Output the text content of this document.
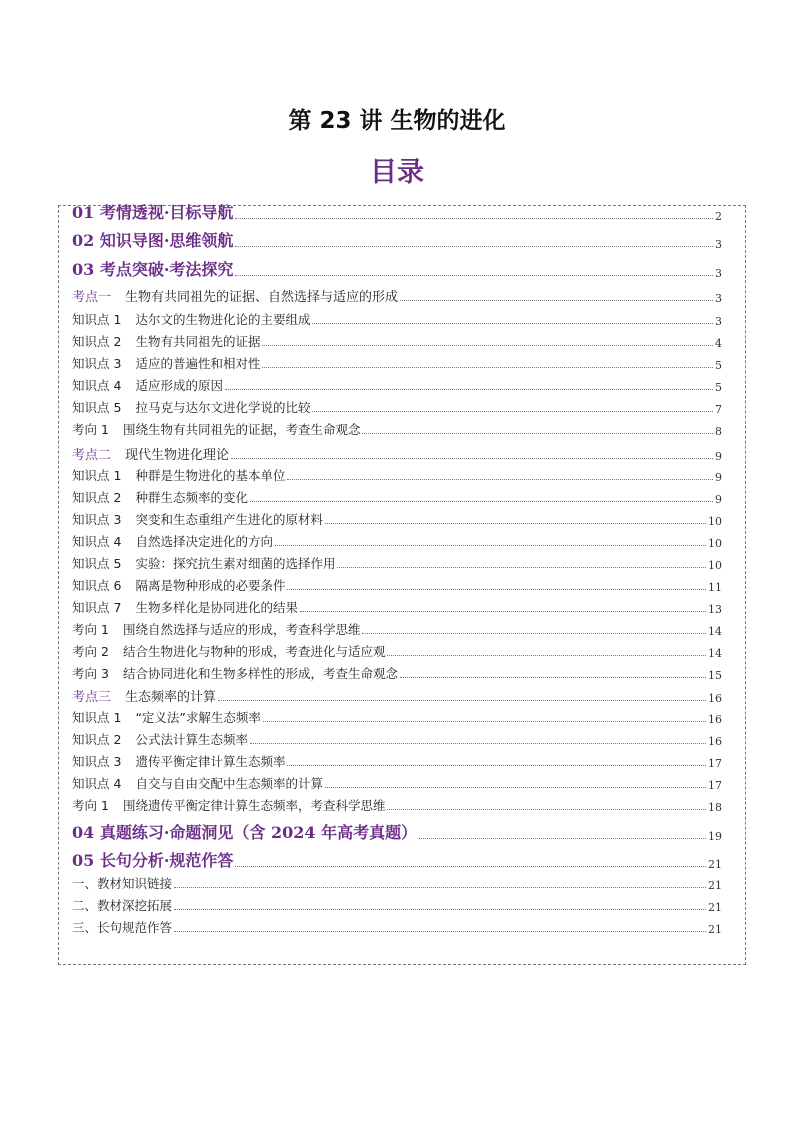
第 23 讲 生物的进化
目录
01 考情透视·目标导航	2
02 知识导图·思维领航	3
03 考点突破·考法探究	3
考点一 生物有共同祖先的证据、自然选择与适应的形成	3
知识点 1 达尔文的生物进化论的主要组成	3
知识点 2 生物有共同祖先的证据	4
知识点 3 适应的普遍性和相对性	5
知识点 4 适应形成的原因	5
知识点 5 拉马克与达尔文进化学说的比较	7
考向 1 围绕生物有共同祖先的证据，考查生命观念	8
考点二 现代生物进化理论	9
知识点 1 种群是生物进化的基本单位	9
知识点 2 种群生态频率的变化	9
知识点 3 突变和生态重组产生进化的原材料	10
知识点 4 自然选择决定进化的方向	10
知识点 5 实验：探究抗生素对细菌的选择作用	10
知识点 6 隔离是物种形成的必要条件	11
知识点 7 生物多样化是协同进化的结果	13
考向 1 围绕自然选择与适应的形成，考查科学思维	14
考向 2 结合生物进化与物种的形成，考查进化与适应观	14
考向 3 结合协同进化和生物多样性的形成，考查生命观念	15
考点三 生态频率的计算	16
知识点 1 “定义法”求解生态频率	16
知识点 2 公式法计算生态频率	16
知识点 3 遗传平衡定律计算生态频率	17
知识点 4 自交与自由交配中生态频率的计算	17
考向 1 围绕遗传平衡定律计算生态频率，考查科学思维	18
04 真题练习·命题洞见（含 2024 年高考真题）	19
05 长句分析·规范作答	21
一、教材知识链接	21
二、教材深挖拓展	21
三、长句规范作答	21
